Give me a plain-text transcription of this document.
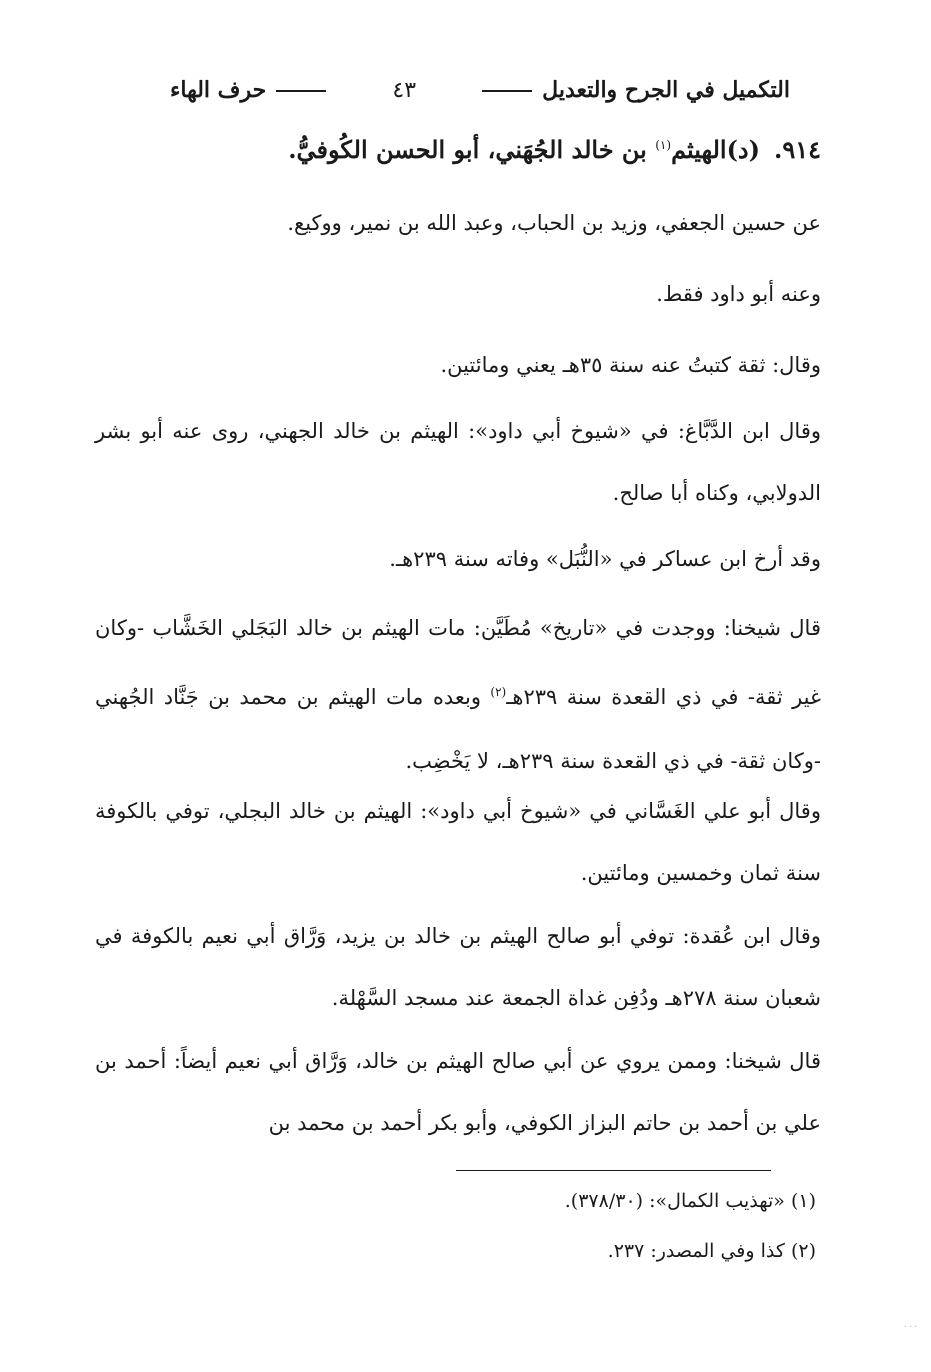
التكميل في الجرح والتعديل
٤٣
حرف الهاء
٩١٤.(د)الهيثم$^{(١)}$ بن خالد الجُهَني، أبو الحسن الكُوفيُّ.
عن حسين الجعفي، وزيد بن الحباب، وعبد الله بن نمير، ووكيع.
وعنه أبو داود فقط.
وقال: ثقة كتبتُ عنه سنة ٣٥هـ يعني ومائتين.
وقال ابن الدَّبَّاغ: في «شيوخ أبي داود»: الهيثم بن خالد الجهني، روى عنه أبو بشر الدولابي، وكناه أبا صالح.
وقد أرخ ابن عساكر في «النُّبَل» وفاته سنة ٢٣٩هـ.
قال شيخنا: ووجدت في «تاريخ» مُطَيَّن: مات الهيثم بن خالد البَجَلي الخَشَّاب -وكان غير ثقة- في ذي القعدة سنة ٢٣٩هـ$^{(٢)}$ وبعده مات الهيثم بن محمد بن جَنَّاد الجُهني -وكان ثقة- في ذي القعدة سنة ٢٣٩هـ، لا يَخْضِب.
وقال أبو علي الغَسَّاني في «شيوخ أبي داود»: الهيثم بن خالد البجلي، توفي بالكوفة سنة ثمان وخمسين ومائتين.
وقال ابن عُقدة: توفي أبو صالح الهيثم بن خالد بن يزيد، وَرَّاق أبي نعيم بالكوفة في شعبان سنة ٢٧٨هـ ودُفِن غداة الجمعة عند مسجد السَّهْلة.
قال شيخنا: وممن يروي عن أبي صالح الهيثم بن خالد، وَرَّاق أبي نعيم أيضاً: أحمد بن علي بن أحمد بن حاتم البزاز الكوفي، وأبو بكر أحمد بن محمد بن
(١) «تهذيب الكمال»: (٣٧٨/٣٠).
(٢) كذا وفي المصدر: ٢٣٧.
...
